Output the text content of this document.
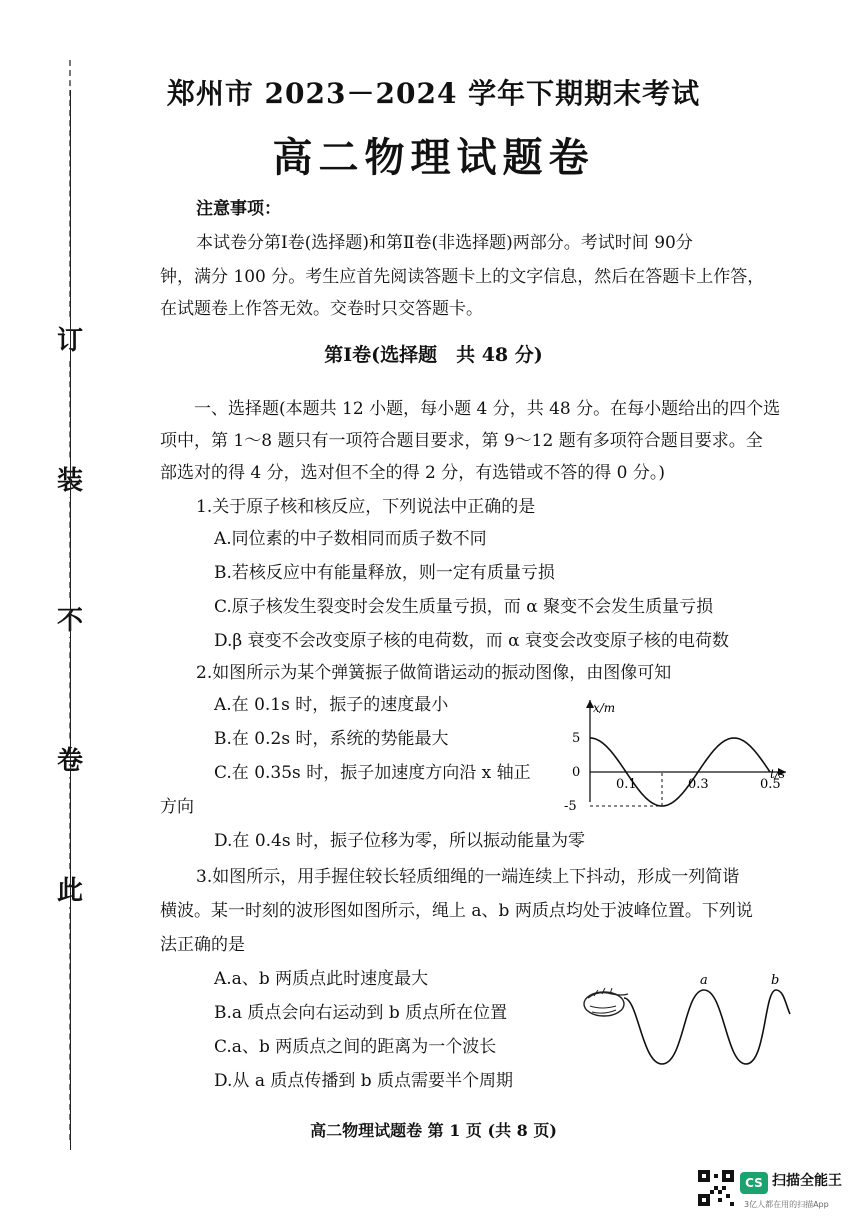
订
装
不
卷
此
郑州市 2023－2024 学年下期期末考试
高二物理试题卷
注意事项：
本试卷分第Ⅰ卷(选择题)和第Ⅱ卷(非选择题)两部分。考试时间 90分
钟，满分 100 分。考生应首先阅读答题卡上的文字信息，然后在答题卡上作答，
在试题卷上作答无效。交卷时只交答题卡。
第Ⅰ卷(选择题　共 48 分)
一、选择题(本题共 12 小题，每小题 4 分，共 48 分。在每小题给出的四个选
项中，第 1～8 题只有一项符合题目要求，第 9～12 题有多项符合题目要求。全
部选对的得 4 分，选对但不全的得 2 分，有选错或不答的得 0 分。)
1.关于原子核和核反应，下列说法中正确的是
A.同位素的中子数相同而质子数不同
B.若核反应中有能量释放，则一定有质量亏损
C.原子核发生裂变时会发生质量亏损，而 α 聚变不会发生质量亏损
D.β 衰变不会改变原子核的电荷数，而 α 衰变会改变原子核的电荷数
2.如图所示为某个弹簧振子做简谐运动的振动图像，由图像可知
A.在 0.1s 时，振子的速度最小
B.在 0.2s 时，系统的势能最大
C.在 0.35s 时，振子加速度方向沿 x 轴正
方向
D.在 0.4s 时，振子位移为零，所以振动能量为零
x/m
t/s
0
5
-5
0.1	0.3	0.5
3.如图所示，用手握住较长轻质细绳的一端连续上下抖动，形成一列简谐
横波。某一时刻的波形图如图所示，绳上 a、b 两质点均处于波峰位置。下列说
法正确的是
A.a、b 两质点此时速度最大
B.a 质点会向右运动到 b 质点所在位置
C.a、b 两质点之间的距离为一个波长
D.从 a 质点传播到 b 质点需要半个周期
a	b
高二物理试题卷 第 1 页 (共 8 页)
CS 扫描全能王
3亿人都在用的扫描App
